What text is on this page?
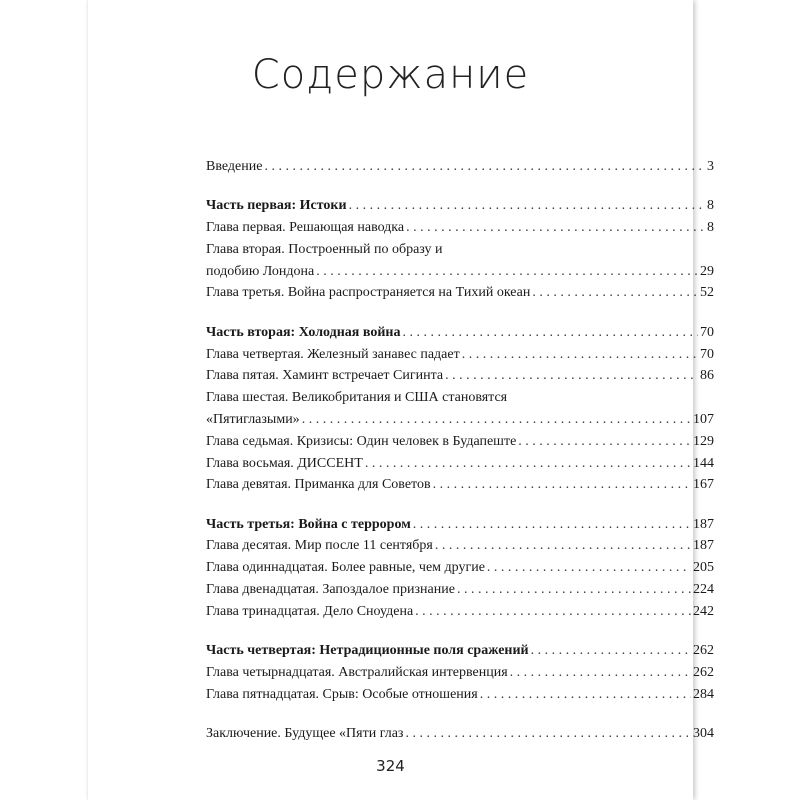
Содержание
Введение . . .	3
Часть первая: Истоки . . .	8
Глава первая. Решающая наводка . . .	8
Глава вторая. Построенный по образу и
подобию Лондона . . .	29
Глава третья. Война распространяется на Тихий океан . . .	52
Часть вторая: Холодная война . . .	70
Глава четвертая. Железный занавес падает . . .	70
Глава пятая. Хаминт встречает Сигинта . . .	86
Глава шестая. Великобритания и США становятся
«Пятиглазыми» . . .	107
Глава седьмая. Кризисы: Один человек в Будапеште . . .	129
Глава восьмая. ДИССЕНТ . . .	144
Глава девятая. Приманка для Советов . . .	167
Часть третья: Война с террором . . .	187
Глава десятая. Мир после 11 сентября . . .	187
Глава одиннадцатая. Более равные, чем другие . . .	205
Глава двенадцатая. Запоздалое признание . . .	224
Глава тринадцатая. Дело Сноудена . . .	242
Часть четвертая: Нетрадиционные поля сражений . . .	262
Глава четырнадцатая. Австралийская интервенция . . .	262
Глава пятнадцатая. Срыв: Особые отношения . . .	284
Заключение. Будущее «Пяти глаз . . .	304
324
